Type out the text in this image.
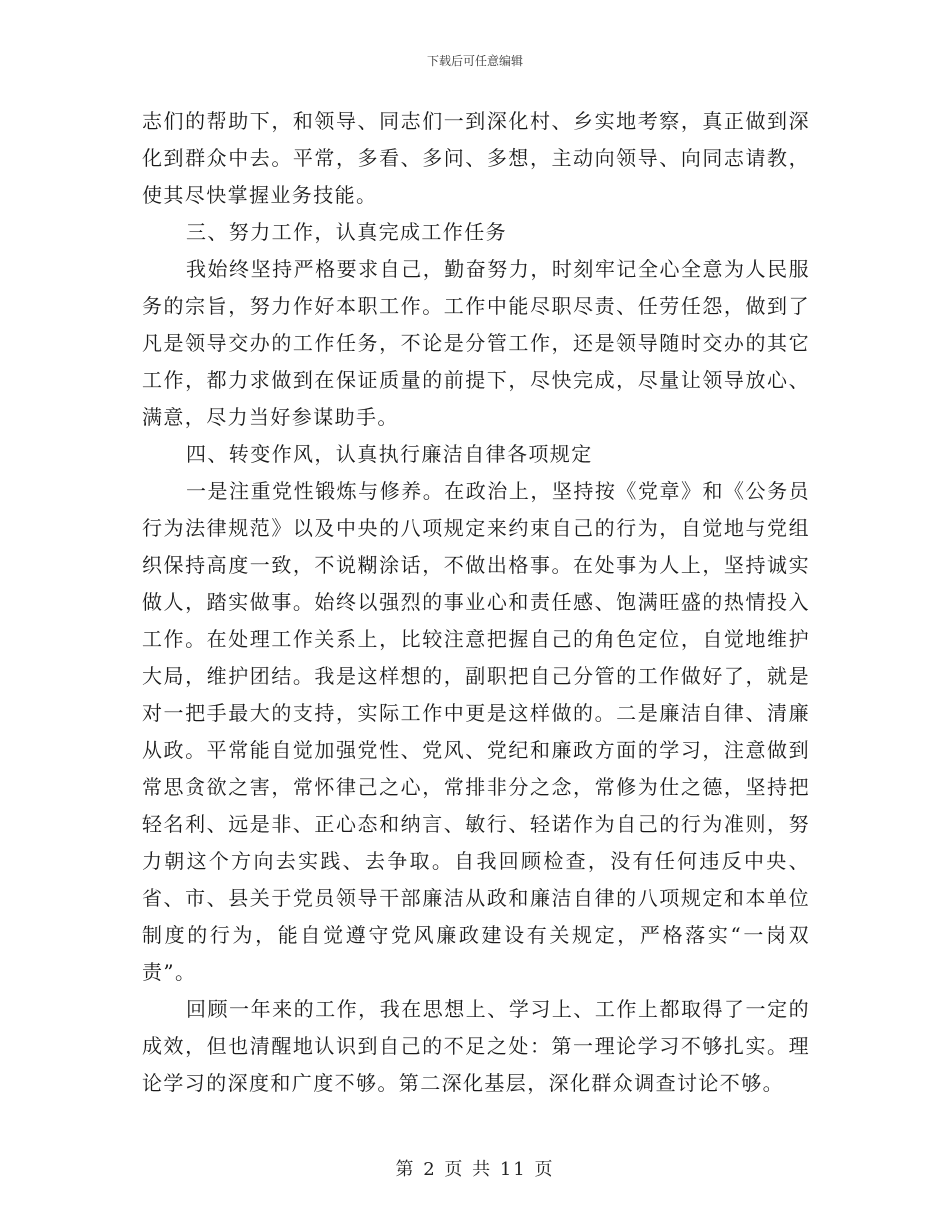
下载后可任意编辑

志们的帮助下，和领导、同志们一到深化村、乡实地考察，真正做到深化到群众中去。平常，多看、多问、多想，主动向领导、向同志请教，使其尽快掌握业务技能。

三、努力工作，认真完成工作任务

我始终坚持严格要求自己，勤奋努力，时刻牢记全心全意为人民服务的宗旨，努力作好本职工作。工作中能尽职尽责、任劳任怨，做到了凡是领导交办的工作任务，不论是分管工作，还是领导随时交办的其它工作，都力求做到在保证质量的前提下，尽快完成，尽量让领导放心、满意，尽力当好参谋助手。

四、转变作风，认真执行廉洁自律各项规定

一是注重党性锻炼与修养。在政治上，坚持按《党章》和《公务员行为法律规范》以及中央的八项规定来约束自己的行为，自觉地与党组织保持高度一致，不说糊涂话，不做出格事。在处事为人上，坚持诚实做人，踏实做事。始终以强烈的事业心和责任感、饱满旺盛的热情投入工作。在处理工作关系上，比较注意把握自己的角色定位，自觉地维护大局，维护团结。我是这样想的，副职把自己分管的工作做好了，就是对一把手最大的支持，实际工作中更是这样做的。二是廉洁自律、清廉从政。平常能自觉加强党性、党风、党纪和廉政方面的学习，注意做到常思贪欲之害，常怀律己之心，常排非分之念，常修为仕之德，坚持把轻名利、远是非、正心态和纳言、敏行、轻诺作为自己的行为准则，努力朝这个方向去实践、去争取。自我回顾检查，没有任何违反中央、省、市、县关于党员领导干部廉洁从政和廉洁自律的八项规定和本单位制度的行为，能自觉遵守党风廉政建设有关规定，严格落实“一岗双责”。

回顾一年来的工作，我在思想上、学习上、工作上都取得了一定的成效，但也清醒地认识到自己的不足之处：第一理论学习不够扎实。理论学习的深度和广度不够。第二深化基层，深化群众调查讨论不够。

第 2 页 共 11 页
